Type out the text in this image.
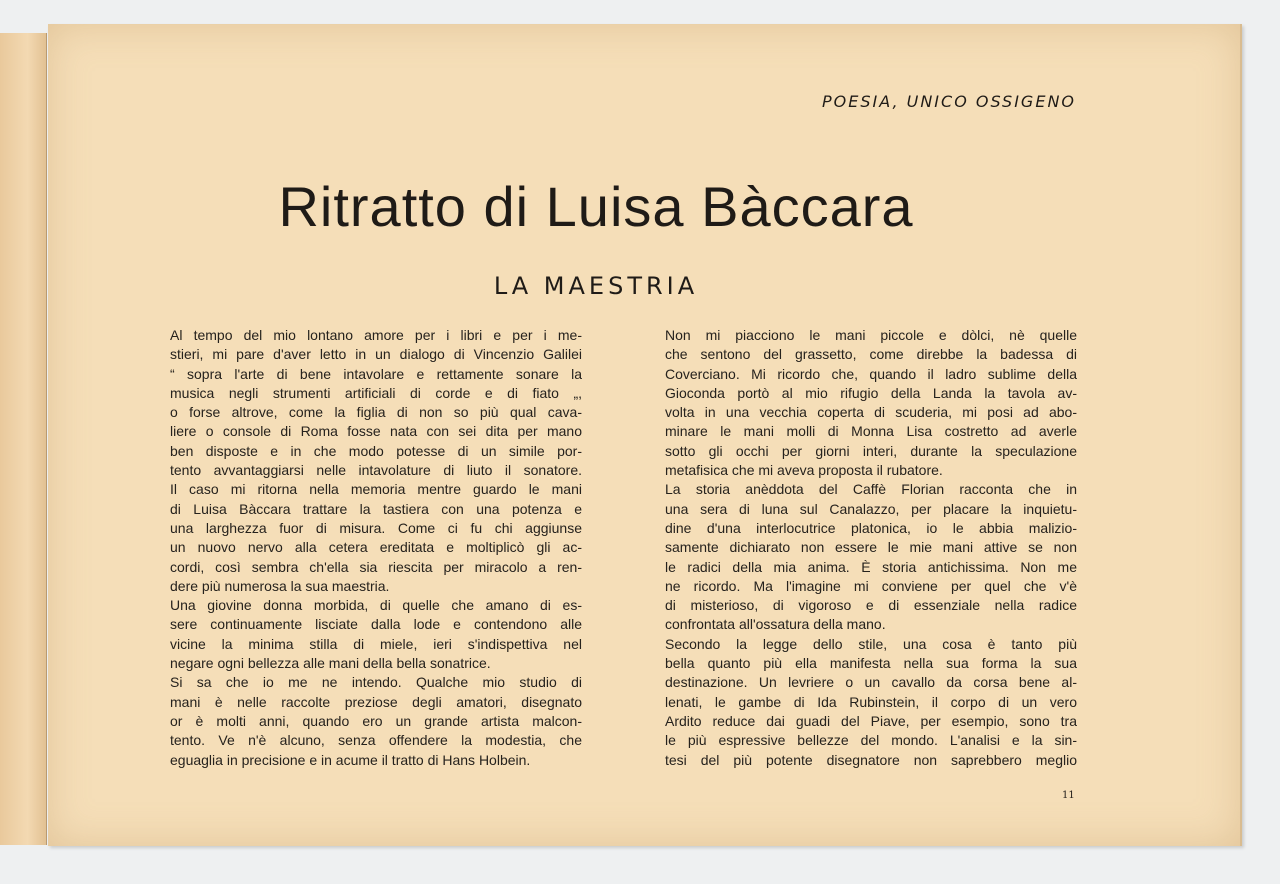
POESIA, UNICO OSSIGENO
Ritratto di Luisa Bàccara
LA MAESTRIA
Al tempo del mio lontano amore per i libri e per i me-
stieri, mi pare d'aver letto in un dialogo di Vincenzio Galilei
“ sopra l'arte di bene intavolare e rettamente sonare la
musica negli strumenti artificiali di corde e di fiato „,
o forse altrove, come la figlia di non so più qual cava-
liere o console di Roma fosse nata con sei dita per mano
ben disposte e in che modo potesse di un simile por-
tento avvantaggiarsi nelle intavolature di liuto il sonatore.
Il caso mi ritorna nella memoria mentre guardo le mani
di Luisa Bàccara trattare la tastiera con una potenza e
una larghezza fuor di misura. Come ci fu chi aggiunse
un nuovo nervo alla cetera ereditata e moltiplicò gli ac-
cordi, così sembra ch'ella sia riescita per miracolo a ren-
dere più numerosa la sua maestria.
Una giovine donna morbida, di quelle che amano di es-
sere continuamente lisciate dalla lode e contendono alle
vicine la minima stilla di miele, ieri s'indispettiva nel
negare ogni bellezza alle mani della bella sonatrice.
Si sa che io me ne intendo. Qualche mio studio di
mani è nelle raccolte preziose degli amatori, disegnato
or è molti anni, quando ero un grande artista malcon-
tento. Ve n'è alcuno, senza offendere la modestia, che
eguaglia in precisione e in acume il tratto di Hans Holbein.
Non mi piacciono le mani piccole e dòlci, nè quelle
che sentono del grassetto, come direbbe la badessa di
Coverciano. Mi ricordo che, quando il ladro sublime della
Gioconda portò al mio rifugio della Landa la tavola av-
volta in una vecchia coperta di scuderia, mi posi ad abo-
minare le mani molli di Monna Lisa costretto ad averle
sotto gli occhi per giorni interi, durante la speculazione
metafisica che mi aveva proposta il rubatore.
La storia anèddota del Caffè Florian racconta che in
una sera di luna sul Canalazzo, per placare la inquietu-
dine d'una interlocutrice platonica, io le abbia malizio-
samente dichiarato non essere le mie mani attive se non
le radici della mia anima. È storia antichissima. Non me
ne ricordo. Ma l'imagine mi conviene per quel che v'è
di misterioso, di vigoroso e di essenziale nella radice
confrontata all'ossatura della mano.
Secondo la legge dello stile, una cosa è tanto più
bella quanto più ella manifesta nella sua forma la sua
destinazione. Un levriere o un cavallo da corsa bene al-
lenati, le gambe di Ida Rubinstein, il corpo di un vero
Ardito reduce dai guadi del Piave, per esempio, sono tra
le più espressive bellezze del mondo. L'analisi e la sin-
tesi del più potente disegnatore non saprebbero meglio
11
